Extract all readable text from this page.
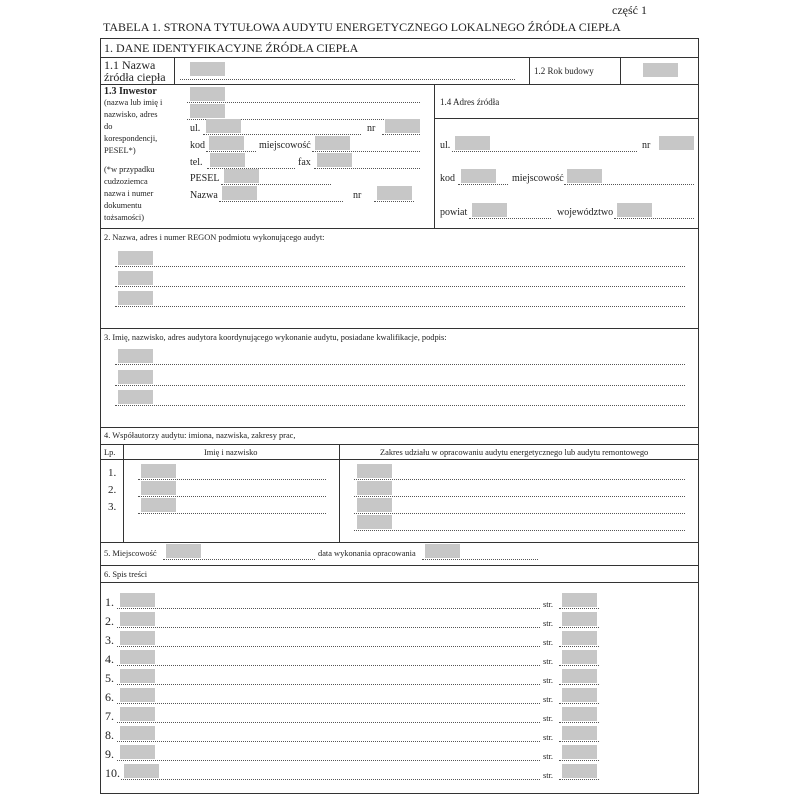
część 1
TABELA 1. STRONA TYTUŁOWA AUDYTU ENERGETYCZNEGO LOKALNEGO ŹRÓDŁA CIEPŁA
1. DANE IDENTYFIKACYJNE ŹRÓDŁA CIEPŁA
1.1 Nazwa
źródła ciepła	1.2 Rok budowy
1.3 Inwestor
(nazwa lub imię i
nazwisko, adres
do
korespondencji,
PESEL*)
(*w przypadku
cudzoziemca
nazwa i numer
dokumentu
tożsamości)
ul.	nr
kod	miejscowość
tel.	fax
PESEL
Nazwa	nr
1.4 Adres źródła
ul.	nr
kod	miejscowość
powiat	województwo
2. Nazwa, adres i numer REGON podmiotu wykonującego audyt:
3. Imię, nazwisko, adres audytora koordynującego wykonanie audytu, posiadane kwalifikacje, podpis:
4. Współautorzy audytu: imiona, nazwiska, zakresy prac,
Lp.	Imię i nazwisko	Zakres udziału w opracowaniu audytu energetycznego lub audytu remontowego
1.
2.
3.
5. Miejscowość	data wykonania opracowania
6. Spis treści
1.	str.
2.	str.
3.	str.
4.	str.
5.	str.
6.	str.
7.	str.
8.	str.
9.	str.
10.	str.
